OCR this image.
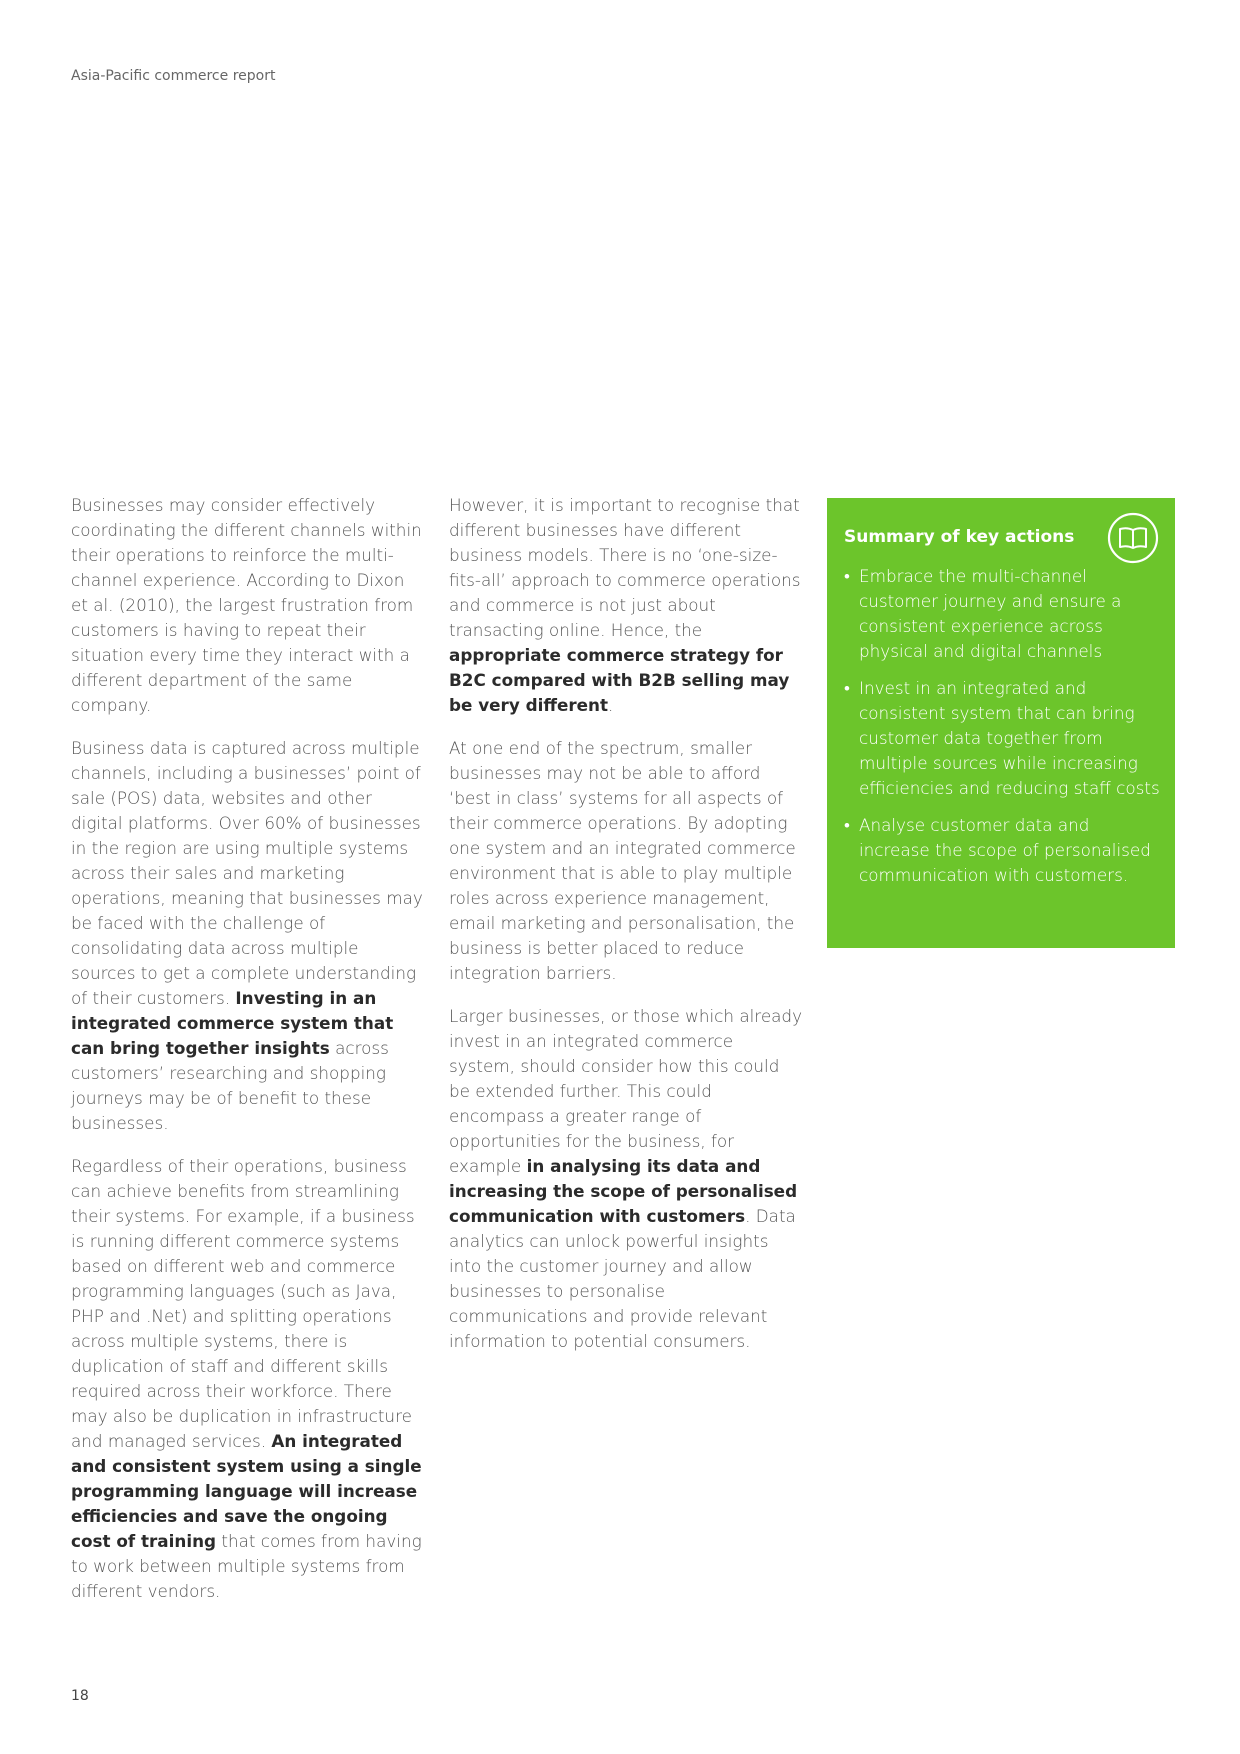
Asia-Pacific commerce report

Businesses may consider effectively coordinating the different channels within their operations to reinforce the multi-channel experience. According to Dixon et al. (2010), the largest frustration from customers is having to repeat their situation every time they interact with a different department of the same company.

Business data is captured across multiple channels, including a businesses’ point of sale (POS) data, websites and other digital platforms. Over 60% of businesses in the region are using multiple systems across their sales and marketing operations, meaning that businesses may be faced with the challenge of consolidating data across multiple sources to get a complete understanding of their customers. Investing in an integrated commerce system that can bring together insights across customers’ researching and shopping journeys may be of benefit to these businesses.

Regardless of their operations, business can achieve benefits from streamlining their systems. For example, if a business is running different commerce systems based on different web and commerce programming languages (such as Java, PHP and .Net) and splitting operations across multiple systems, there is duplication of staff and different skills required across their workforce. There may also be duplication in infrastructure and managed services. An integrated and consistent system using a single programming language will increase efficiencies and save the ongoing cost of training that comes from having to work between multiple systems from different vendors.

However, it is important to recognise that different businesses have different business models. There is no ‘one-size-fits-all’ approach to commerce operations and commerce is not just about transacting online. Hence, the appropriate commerce strategy for B2C compared with B2B selling may be very different.

At one end of the spectrum, smaller businesses may not be able to afford ‘best in class’ systems for all aspects of their commerce operations. By adopting one system and an integrated commerce environment that is able to play multiple roles across experience management, email marketing and personalisation, the business is better placed to reduce integration barriers.

Larger businesses, or those which already invest in an integrated commerce system, should consider how this could be extended further. This could encompass a greater range of opportunities for the business, for example in analysing its data and increasing the scope of personalised communication with customers. Data analytics can unlock powerful insights into the customer journey and allow businesses to personalise communications and provide relevant information to potential consumers.

Summary of key actions
• Embrace the multi-channel customer journey and ensure a consistent experience across physical and digital channels
• Invest in an integrated and consistent system that can bring customer data together from multiple sources while increasing efficiencies and reducing staff costs
• Analyse customer data and increase the scope of personalised communication with customers.
18
